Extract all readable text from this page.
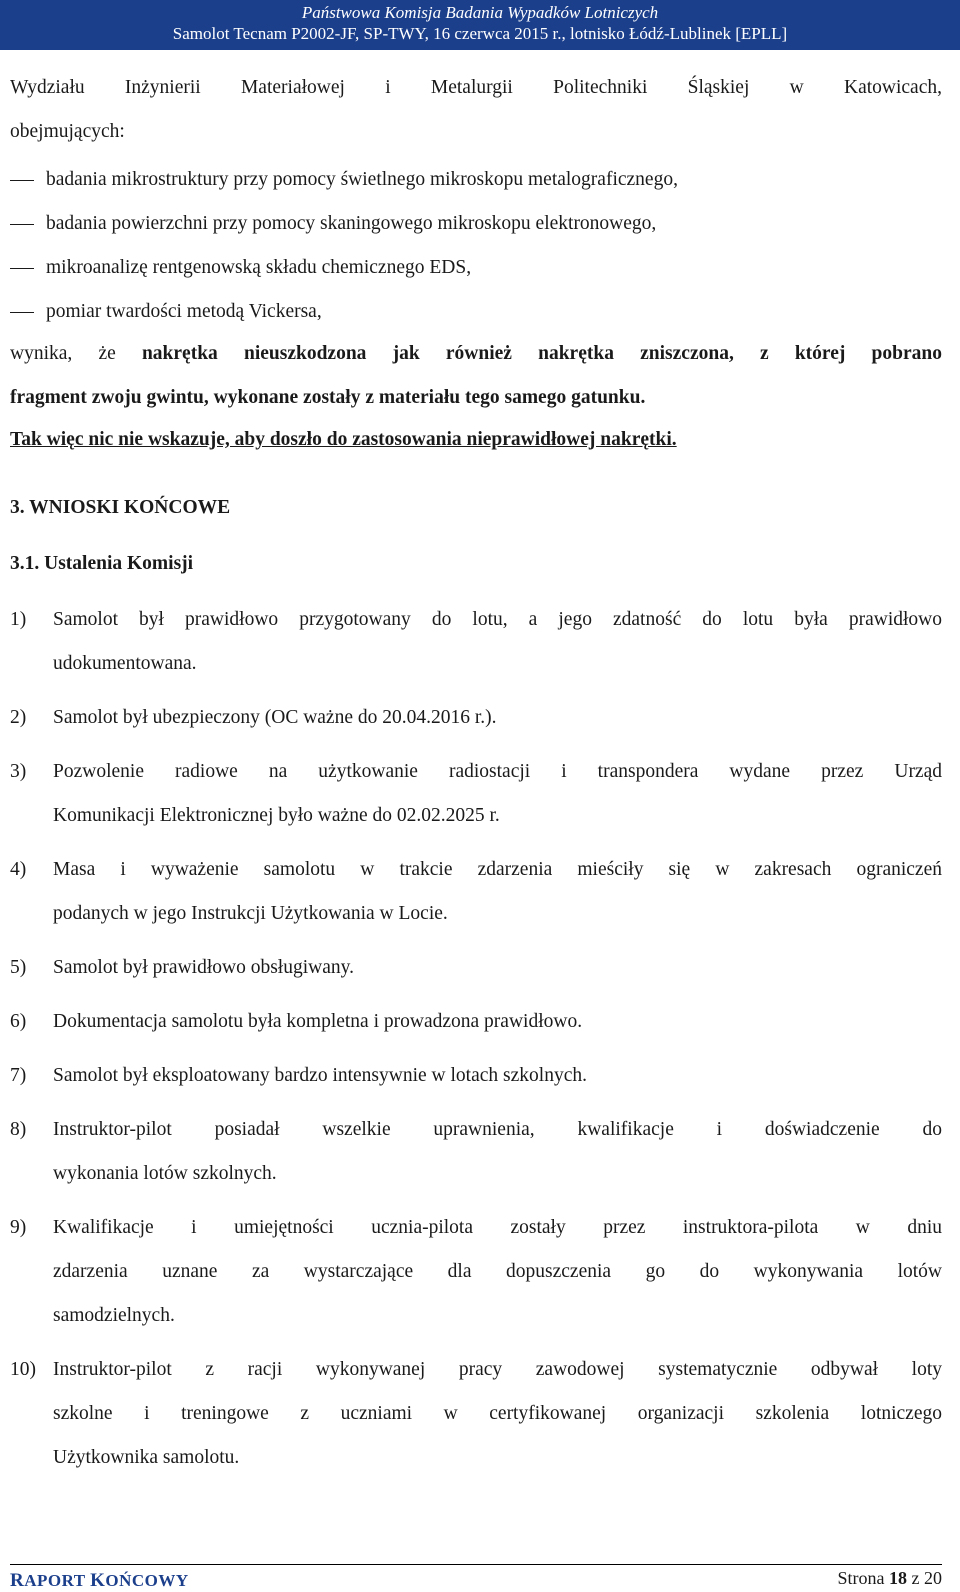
Państwowa Komisja Badania Wypadków Lotniczych
Samolot Tecnam P2002-JF, SP-TWY, 16 czerwca 2015 r., lotnisko Łódź-Lublinek [EPLL]
Wydziału Inżynierii Materiałowej i Metalurgii Politechniki Śląskiej w Katowicach,
obejmujących:
badania mikrostruktury przy pomocy świetlnego mikroskopu metalograficznego,
badania powierzchni przy pomocy skaningowego mikroskopu elektronowego,
mikroanalizę rentgenowską składu chemicznego EDS,
pomiar twardości metodą Vickersa,
wynika, że nakrętka nieuszkodzona jak również nakrętka zniszczona, z której pobrano
fragment zwoju gwintu, wykonane zostały z materiału tego samego gatunku.
Tak więc nic nie wskazuje, aby doszło do zastosowania nieprawidłowej nakrętki.
3. WNIOSKI KOŃCOWE
3.1. Ustalenia Komisji
1) Samolot był prawidłowo przygotowany do lotu, a jego zdatność do lotu była prawidłowo
udokumentowana.
2) Samolot był ubezpieczony (OC ważne do 20.04.2016 r.).
3) Pozwolenie radiowe na użytkowanie radiostacji i transpondera wydane przez Urząd
Komunikacji Elektronicznej było ważne do 02.02.2025 r.
4) Masa i wyważenie samolotu w trakcie zdarzenia mieściły się w zakresach ograniczeń
podanych w jego Instrukcji Użytkowania w Locie.
5) Samolot był prawidłowo obsługiwany.
6) Dokumentacja samolotu była kompletna i prowadzona prawidłowo.
7) Samolot był eksploatowany bardzo intensywnie w lotach szkolnych.
8) Instruktor-pilot posiadał wszelkie uprawnienia, kwalifikacje i doświadczenie do
wykonania lotów szkolnych.
9) Kwalifikacje i umiejętności ucznia-pilota zostały przez instruktora-pilota w dniu
zdarzenia uznane za wystarczające dla dopuszczenia go do wykonywania lotów
samodzielnych.
10) Instruktor-pilot z racji wykonywanej pracy zawodowej systematycznie odbywał loty
szkolne i treningowe z uczniami w certyfikowanej organizacji szkolenia lotniczego
Użytkownika samolotu.
RAPORT KOŃCOWY	Strona 18 z 20
